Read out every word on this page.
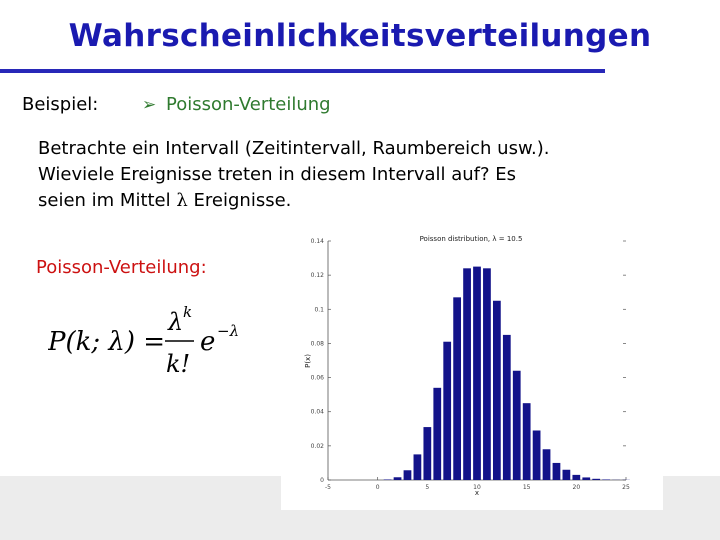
Wahrscheinlichkeitsverteilungen
Beispiel:	➢ Poisson-Verteilung
Betrachte ein Intervall (Zeitintervall, Raumbereich usw.).
Wieviele Ereignisse treten in diesem Intervall auf? Es
seien im Mittel λ Ereignisse.
Poisson-Verteilung:
P(k; λ) =
λ k
k!
e −λ
Poisson distribution, λ = 10.5
x
P(x)
0
0.02
0.04
0.06
0.08
0.1
0.12
0.14
-5	0	5	10	15	20	25
